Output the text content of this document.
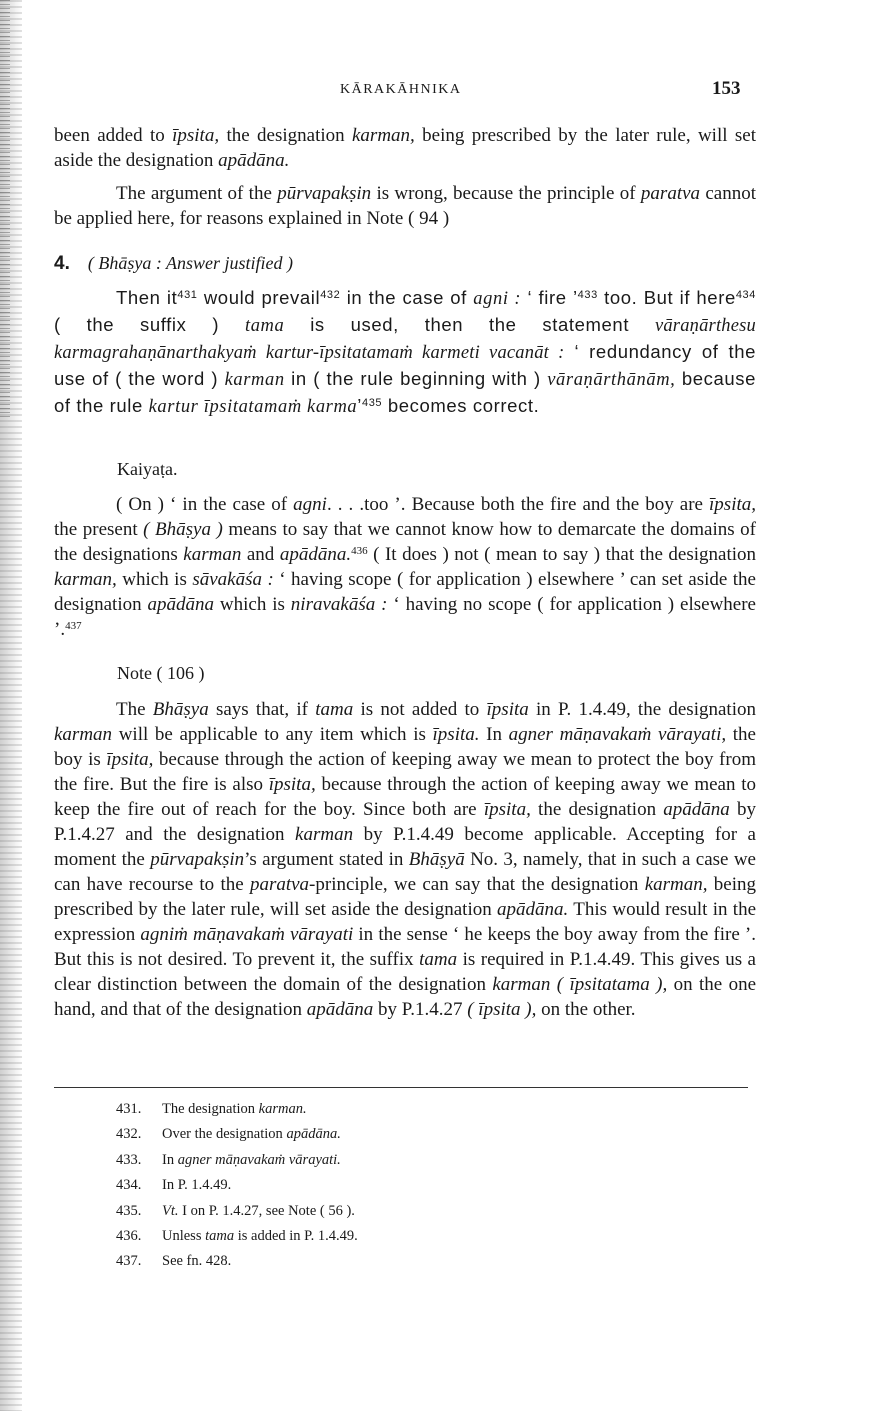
KĀRAKĀHNIKA	153

been added to īpsita, the designation karman, being prescribed by the later rule, will set aside the designation apādāna.

The argument of the pūrvapakṣin is wrong, because the principle of paratva cannot be applied here, for reasons explained in Note ( 94 )

4. ( Bhāṣya : Answer justified )

Then $it^{431}$ would prevail$^{432}$ in the case of agni : ‘ fire ’$^{433}$ too. But if here$^{434}$ ( the suffix ) tama is used, then the statement vāraṇārthesu karmagrahaṇānarthakyaṁ kartur-īpsitatamaṁ karmeti vacanāt : ‘ redundancy of the use of ( the word ) karman in ( the rule beginning with ) vāraṇārthānām, because of the rule kartur īpsitatamaṁ karma’$^{435}$ becomes correct.

Kaiyaṭa.

( On ) ‘ in the case of agni. . . .too ’. Because both the fire and the boy are īpsita, the present ( Bhāṣya ) means to say that we cannot know how to demarcate the domains of the designations karman and apādāna.$^{436}$ ( It does ) not ( mean to say ) that the designation karman, which is sāvakāśa : ‘ having scope ( for application ) elsewhere ’ can set aside the designation apādāna which is niravakāśa : ‘ having no scope ( for application ) elsewhere ’.$^{437}$

Note ( 106 )

The Bhāṣya says that, if tama is not added to īpsita in P. 1.4.49, the designation karman will be applicable to any item which is īpsita. In agner māṇavakaṁ vārayati, the boy is īpsita, because through the action of keeping away we mean to protect the boy from the fire. But the fire is also īpsita, because through the action of keeping away we mean to keep the fire out of reach for the boy. Since both are īpsita, the designation apādāna by P.1.4.27 and the designation karman by P.1.4.49 become applicable. Accepting for a moment the pūrvapakṣin’s argument stated in Bhāṣyā No. 3, namely, that in such a case we can have recourse to the paratva-principle, we can say that the designation karman, being prescribed by the later rule, will set aside the designation apādāna. This would result in the expression agniṁ māṇavakaṁ vārayati in the sense ‘ he keeps the boy away from the fire ’. But this is not desired. To prevent it, the suffix tama is required in P.1.4.49. This gives us a clear distinction between the domain of the designation karman ( īpsitatama ), on the one hand, and that of the designation apādāna by P.1.4.27 ( īpsita ), on the other.

431. The designation karman.
432. Over the designation apādāna.
433. In agner māṇavakaṁ vārayati.
434. In P. 1.4.49.
435. Vt. I on P. 1.4.27, see Note ( 56 ).
436. Unless tama is added in P. 1.4.49.
437. See fn. 428.
